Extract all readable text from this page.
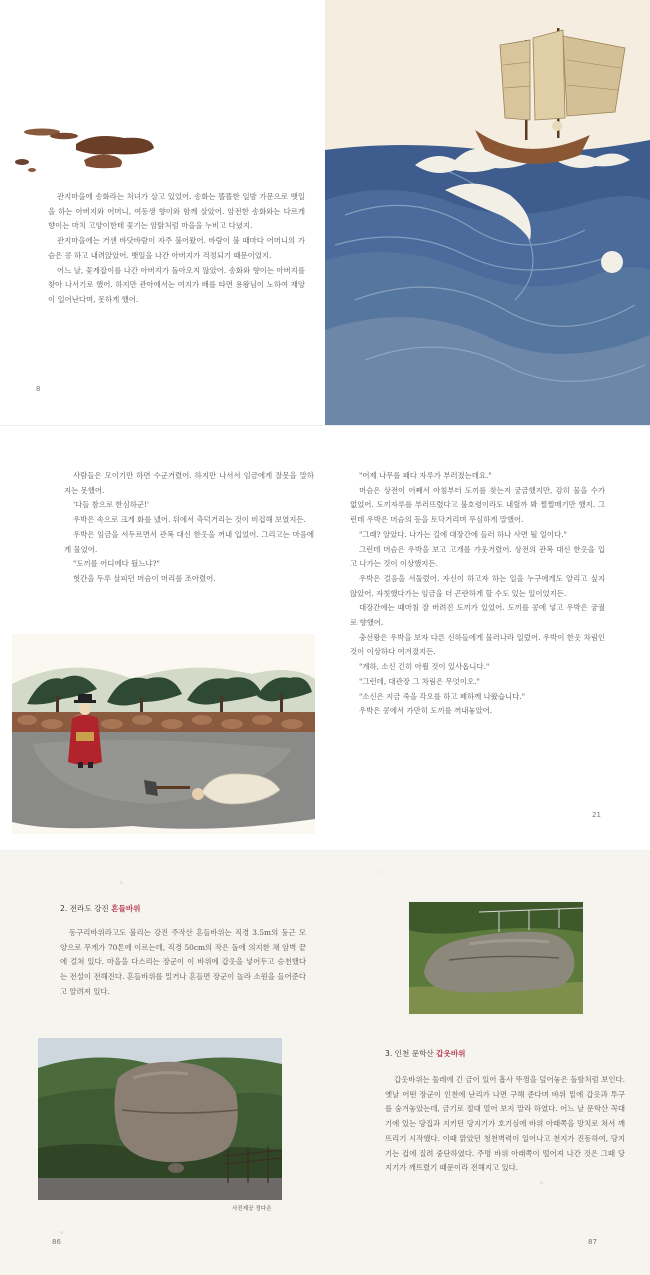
관지마을에 송화라는 처녀가 살고 있었어. 송화는 똘똘한 일밤 가문으로 뱃일을 하는 아버지와 어머니, 여동생 향이와 함께 살았어. 암전한 송화와는 다르게 향이는 마치 고양이한테 꽃기는 암탉처럼 마을을 누비고 다녔지.

관지마을에는 거센 바닷바람이 자주 불어왔어. 바람이 불 때마다 어머니의 가슴은 콩 하고 내려앉았어. 뱃일을 나간 아버지가 걱정되기 때문이었지.

어느 날, 꽃게잡이를 나간 아버지가 돌아오지 않았어. 송화와 향이는 아버지를 찾아 나서기로 했어. 하지만 관아에서는 여지가 배를 타면 용왕님이 노하여 재앙이 일어난다며, 못하게 했어.

8

사람들은 모이기만 하면 수군거렸어. 하지만 나서서 임금에게 잘못을 말하지는 못했어.

'다들 참으로 한심하군!'

우박은 속으로 크게 화를 냈어. 뒤에서 측덕거리는 것이 비겁해 보였지든.

우박은 임금을 서두르면서 관복 대신 한옷을 꺼내 입었어. 그리고는 마음에게 물었어.

"도끼를 어디에다 뒀느냐?"

헛간을 두루 살피던 머슴이 머리를 조아렸어.

"어제 나무를 패다 자루가 부러졌는데요."

머슴은 상전이 어째서 아침부터 도끼를 찾는지 궁금했지만, 감히 물을 수가 없었어. 도끼자루를 부러뜨렸다고 불호령이라도 내릴까 봐 쩔쩔매기만 했지. 그런데 우박은 머슴의 등을 토닥거리며 무심하게 말했어.

"그래? 알았다. 나가는 길에 대장간에 들러 하나 사면 될 일이다."

그런데 머슴은 우박을 보고 고개를 갸웃거렸어. 상전의 관복 대신 한옷을 입고 나가는 것이 이상했지든.

우박은 걸음을 서둘렀어. 자신이 하고자 하는 일을 누구에게도 알리고 싶지 않았어. 자칫했다가는 임금을 더 곤란하게 할 수도 있는 일이었지든.

대장간에는 때마침 잘 버려진 도끼가 있었어. 도끼를 콩에 넣고 우박은 궁궐로 향했어.

충선왕은 우박을 보자 다른 신하들에게 물러나라 일렀어. 우박이 한옷 차림인 것이 이상하다 여겨졌지든.

"계하, 소신 긴히 아뢸 것이 있사옵니다."

"그런데, 대관장 그 차림은 무엇이오."

"소신은 지금 죽을 각오를 하고 폐하께 나왔습니다."

우박은 콩에서 가만히 도끼를 꺼내놓았어.

21
2. 전라도 강진 흔들바위

동구리바위라고도 불리는 강진 주작산 흔들바위는 직경 3.5m의 둥근 모양으로 무게가 70톤에 이르는데, 직경 50cm의 작은 돌에 의지한 채 암벽 끝에 걸쳐 있다. 마을을 다스리는 장군이 이 바위에 갑옷을 넣어두고 승천했다는 전설이 전해진다. 흔들바위를 밀거나 흔들면 장군이 놀라 소원을 들어준다고 알려져 있다.

3. 인천 문학산 갑옷바위

갑옷바위는 둘레에 긴 금이 있어 흡사 뚜껑을 덮어놓은 돌함처럼 보인다. 옛날 어떤 장군이 인천에 난리가 나면 구해 준다며 바위 밑에 갑옷과 투구를 숨겨놓았는데, 금기로 절대 열어 보지 말라 하였다. 어느 날 문학산 꼭대기에 있는 당집과 지키던 당지기가 호기심에 바위 아래쪽을 망치로 쳐서 깨뜨리기 시작했다. 이때 맑았던 청천벽력이 일어나고 천지가 진동하여, 당지기는 겁에 질려 중단하였다. 주명 바위 아래쪽이 떨어져 나간 것은 그때 당지기가 깨뜨렸기 때문이라 전해지고 있다.

사진제공 정다은
86	87
